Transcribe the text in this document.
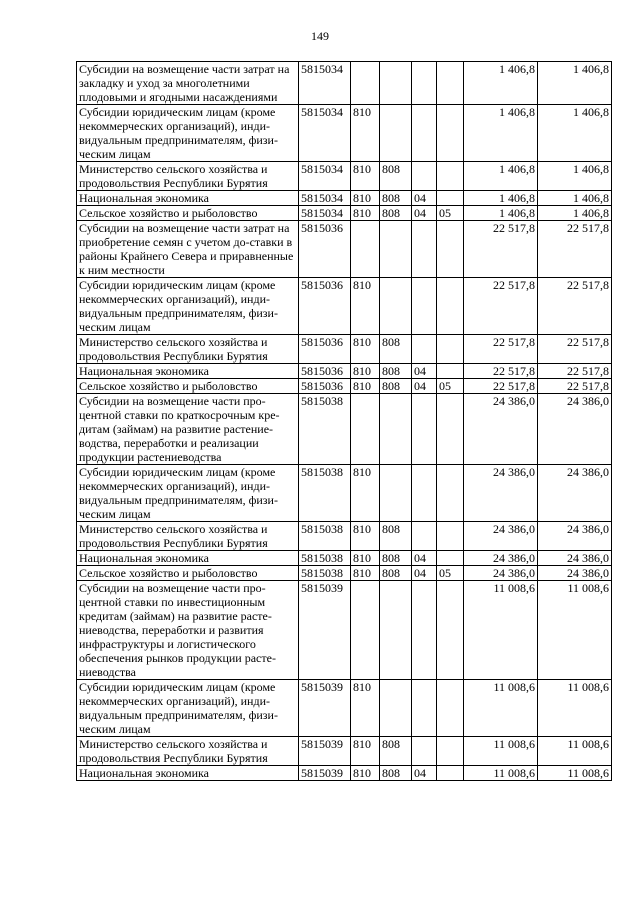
149
Субсидии на возмещение части затрат на закладку и уход за многолетними плодовыми и ягодными насаждениями	5815034					1 406,8	1 406,8
Субсидии юридическим лицам (кроме некоммерческих организаций), инди-видуальным предпринимателям, физи-ческим лицам	5815034	810				1 406,8	1 406,8
Министерство сельского хозяйства и продовольствия Республики Бурятия	5815034	810	808			1 406,8	1 406,8
Национальная экономика	5815034	810	808	04		1 406,8	1 406,8
Сельское хозяйство и рыболовство	5815034	810	808	04	05	1 406,8	1 406,8
Субсидии на возмещение части затрат на приобретение семян с учетом до-ставки в районы Крайнего Севера и приравненные к ним местности	5815036					22 517,8	22 517,8
Субсидии юридическим лицам (кроме некоммерческих организаций), инди-видуальным предпринимателям, физи-ческим лицам	5815036	810				22 517,8	22 517,8
Министерство сельского хозяйства и продовольствия Республики Бурятия	5815036	810	808			22 517,8	22 517,8
Национальная экономика	5815036	810	808	04		22 517,8	22 517,8
Сельское хозяйство и рыболовство	5815036	810	808	04	05	22 517,8	22 517,8
Субсидии на возмещение части про-центной ставки по краткосрочным кре-дитам (займам) на развитие растение-водства, переработки и реализации продукции растениеводства	5815038					24 386,0	24 386,0
Субсидии юридическим лицам (кроме некоммерческих организаций), инди-видуальным предпринимателям, физи-ческим лицам	5815038	810				24 386,0	24 386,0
Министерство сельского хозяйства и продовольствия Республики Бурятия	5815038	810	808			24 386,0	24 386,0
Национальная экономика	5815038	810	808	04		24 386,0	24 386,0
Сельское хозяйство и рыболовство	5815038	810	808	04	05	24 386,0	24 386,0
Субсидии на возмещение части про-центной ставки по инвестиционным кредитам (займам) на развитие расте-ниеводства, переработки и развития инфраструктуры и логистического обеспечения рынков продукции расте-ниеводства	5815039					11 008,6	11 008,6
Субсидии юридическим лицам (кроме некоммерческих организаций), инди-видуальным предпринимателям, физи-ческим лицам	5815039	810				11 008,6	11 008,6
Министерство сельского хозяйства и продовольствия Республики Бурятия	5815039	810	808			11 008,6	11 008,6
Национальная экономика	5815039	810	808	04		11 008,6	11 008,6
